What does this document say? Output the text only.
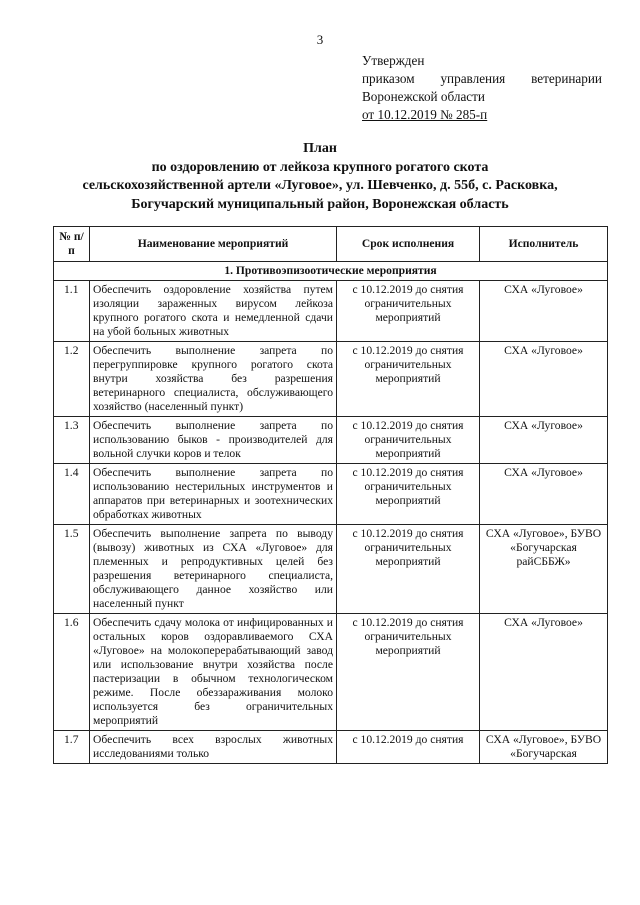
3
Утвержден
приказом управления ветеринарии
Воронежской области
от 10.12.2019 № 285-п
План
по оздоровлению от лейкоза крупного рогатого скота
сельскохозяйственной артели «Луговое», ул. Шевченко, д. 55б, с. Расковка,
Богучарский муниципальный район, Воронежская область
№ п/п	Наименование мероприятий	Срок исполнения	Исполнитель
1. Противоэпизоотические мероприятия			
1.1	Обеспечить оздоровление хозяйства путем изоляции зараженных вирусом лейкоза крупного рогатого скота и немедленной сдачи на убой больных животных	с 10.12.2019 до снятия ограничительных мероприятий	СХА «Луговое»
1.2	Обеспечить выполнение запрета по перегруппировке крупного рогатого скота внутри хозяйства без разрешения ветеринарного специалиста, обслуживающего хозяйство (населенный пункт)	с 10.12.2019 до снятия ограничительных мероприятий	СХА «Луговое»
1.3	Обеспечить выполнение запрета по использованию быков - производителей для вольной случки коров и телок	с 10.12.2019 до снятия ограничительных мероприятий	СХА «Луговое»
1.4	Обеспечить выполнение запрета по использованию нестерильных инструментов и аппаратов при ветеринарных и зоотехнических обработках животных	с 10.12.2019 до снятия ограничительных мероприятий	СХА «Луговое»
1.5	Обеспечить выполнение запрета по выводу (вывозу) животных из СХА «Луговое» для племенных и репродуктивных целей без разрешения ветеринарного специалиста, обслуживающего данное хозяйство или населенный пункт	с 10.12.2019 до снятия ограничительных мероприятий	СХА «Луговое», БУВО «Богучарская райСББЖ»
1.6	Обеспечить сдачу молока от инфицированных и остальных коров оздоравливаемого СХА «Луговое» на молокоперерабатывающий завод или использование внутри хозяйства после пастеризации в обычном технологическом режиме. После обеззараживания молоко используется без ограничительных мероприятий	с 10.12.2019 до снятия ограничительных мероприятий	СХА «Луговое»
1.7	Обеспечить всех взрослых животных исследованиями только	с 10.12.2019 до снятия	СХА «Луговое», БУВО «Богучарская
